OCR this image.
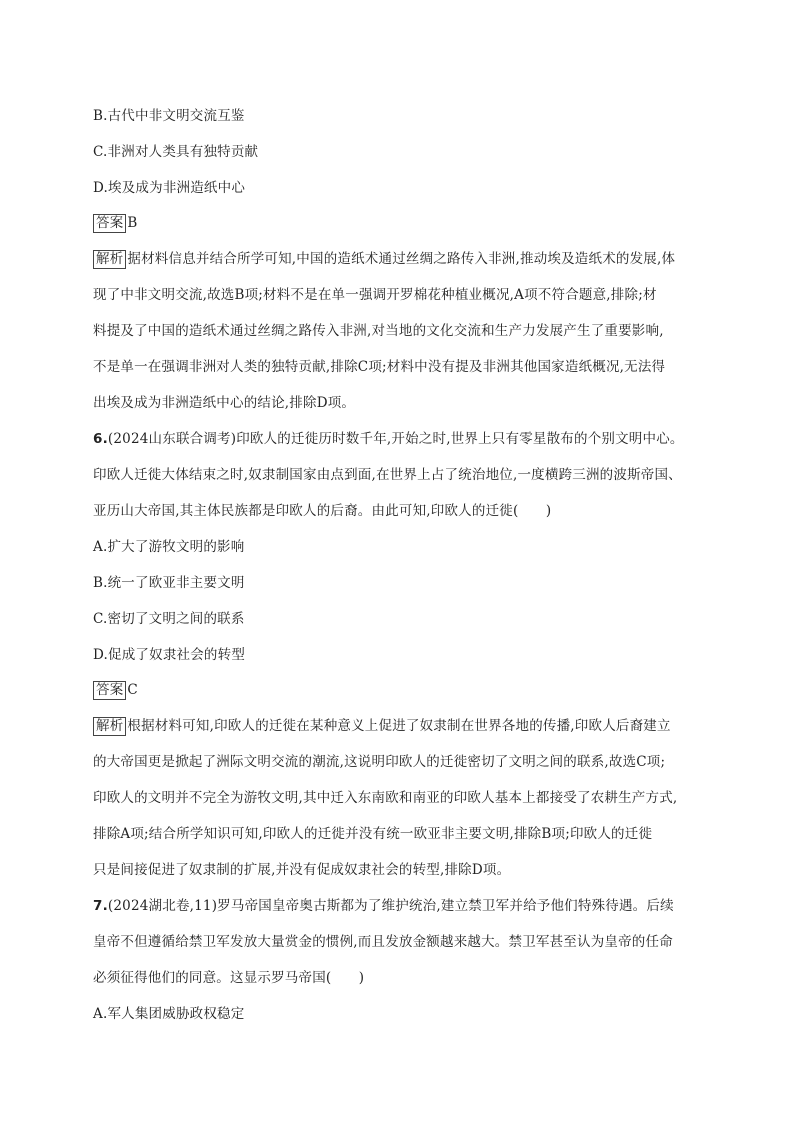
B.古代中非文明交流互鉴
C.非洲对人类具有独特贡献
D.埃及成为非洲造纸中心
答案 B
解析 据材料信息并结合所学可知,中国的造纸术通过丝绸之路传入非洲,推动埃及造纸术的发展,体
现了中非文明交流,故选B项;材料不是在单一强调开罗棉花种植业概况,A项不符合题意,排除;材
料提及了中国的造纸术通过丝绸之路传入非洲,对当地的文化交流和生产力发展产生了重要影响,
不是单一在强调非洲对人类的独特贡献,排除C项;材料中没有提及非洲其他国家造纸概况,无法得
出埃及成为非洲造纸中心的结论,排除D项。
6.(2024山东联合调考)印欧人的迁徙历时数千年,开始之时,世界上只有零星散布的个别文明中心。
印欧人迁徙大体结束之时,奴隶制国家由点到面,在世界上占了统治地位,一度横跨三洲的波斯帝国、
亚历山大帝国,其主体民族都是印欧人的后裔。由此可知,印欧人的迁徙(　　)
A.扩大了游牧文明的影响
B.统一了欧亚非主要文明
C.密切了文明之间的联系
D.促成了奴隶社会的转型
答案 C
解析 根据材料可知,印欧人的迁徙在某种意义上促进了奴隶制在世界各地的传播,印欧人后裔建立
的大帝国更是掀起了洲际文明交流的潮流,这说明印欧人的迁徙密切了文明之间的联系,故选C项;
印欧人的文明并不完全为游牧文明,其中迁入东南欧和南亚的印欧人基本上都接受了农耕生产方式,
排除A项;结合所学知识可知,印欧人的迁徙并没有统一欧亚非主要文明,排除B项;印欧人的迁徙
只是间接促进了奴隶制的扩展,并没有促成奴隶社会的转型,排除D项。
7.(2024湖北卷,11)罗马帝国皇帝奥古斯都为了维护统治,建立禁卫军并给予他们特殊待遇。后续
皇帝不但遵循给禁卫军发放大量赏金的惯例,而且发放金额越来越大。禁卫军甚至认为皇帝的任命
必须征得他们的同意。这显示罗马帝国(　　)
A.军人集团威胁政权稳定
